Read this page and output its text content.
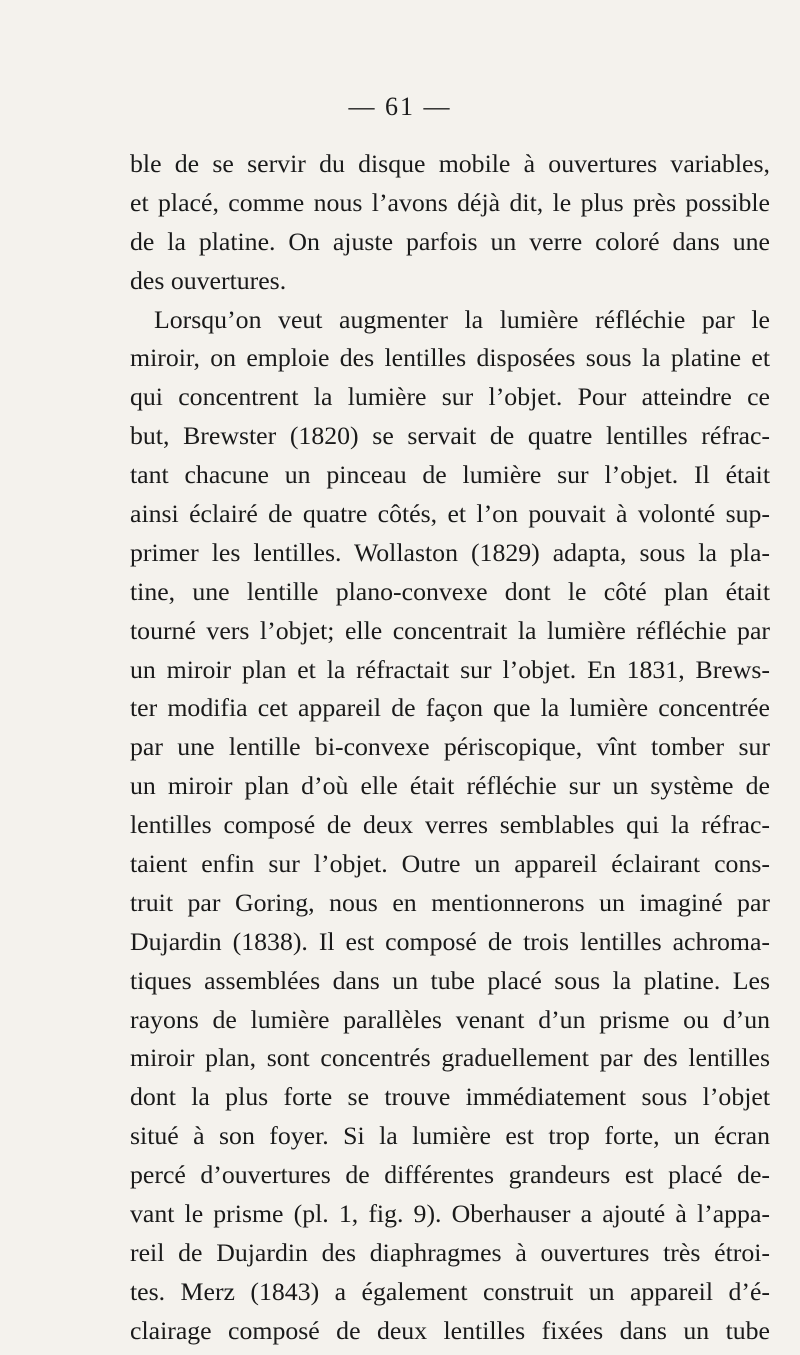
— 61 —
ble de se servir du disque mobile à ouvertures variables,
et placé, comme nous l’avons déjà dit, le plus près possible
de la platine. On ajuste parfois un verre coloré dans une
des ouvertures.
Lorsqu’on veut augmenter la lumière réfléchie par le
miroir, on emploie des lentilles disposées sous la platine et
qui concentrent la lumière sur l’objet. Pour atteindre ce
but, Brewster (1820) se servait de quatre lentilles réfrac-
tant chacune un pinceau de lumière sur l’objet. Il était
ainsi éclairé de quatre côtés, et l’on pouvait à volonté sup-
primer les lentilles. Wollaston (1829) adapta, sous la pla-
tine, une lentille plano-convexe dont le côté plan était
tourné vers l’objet; elle concentrait la lumière réfléchie par
un miroir plan et la réfractait sur l’objet. En 1831, Brews-
ter modifia cet appareil de façon que la lumière concentrée
par une lentille bi-convexe périscopique, vînt tomber sur
un miroir plan d’où elle était réfléchie sur un système de
lentilles composé de deux verres semblables qui la réfrac-
taient enfin sur l’objet. Outre un appareil éclairant cons-
truit par Goring, nous en mentionnerons un imaginé par
Dujardin (1838). Il est composé de trois lentilles achroma-
tiques assemblées dans un tube placé sous la platine. Les
rayons de lumière parallèles venant d’un prisme ou d’un
miroir plan, sont concentrés graduellement par des lentilles
dont la plus forte se trouve immédiatement sous l’objet
situé à son foyer. Si la lumière est trop forte, un écran
percé d’ouvertures de différentes grandeurs est placé de-
vant le prisme (pl. 1, fig. 9). Oberhauser a ajouté à l’appa-
reil de Dujardin des diaphragmes à ouvertures très étroi-
tes. Merz (1843) a également construit un appareil d’é-
clairage composé de deux lentilles fixées dans un tube
